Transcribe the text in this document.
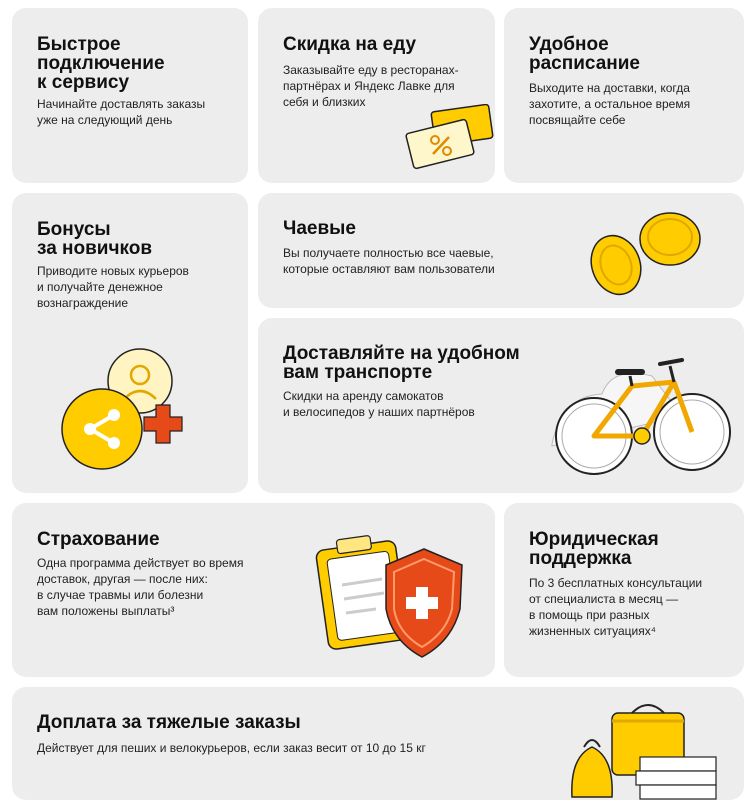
Быстрое
подключение
к сервису
Начинайте доставлять заказы
уже на следующий день
Скидка на еду
Заказывайте еду в ресторанах-
партнёрах и Яндекс Лавке для
себя и близких
Удобное
расписание
Выходите на доставки, когда
захотите, а остальное время
посвящайте себе
Бонусы
за новичков
Приводите новых курьеров
и получайте денежное
вознаграждение
Чаевые
Вы получаете полностью все чаевые,
которые оставляют вам пользователи
Доставляйте на удобном
вам транспорте
Скидки на аренду самокатов
и велосипедов у наших партнёров
Страхование
Одна программа действует во время
доставок, другая — после них:
в случае травмы или болезни
вам положены выплаты³
Юридическая
поддержка
По 3 бесплатных консультации
от специалиста в месяц —
в помощь при разных
жизненных ситуациях⁴
Доплата за тяжелые заказы
Действует для пеших и велокурьеров, если заказ весит от 10 до 15 кг
